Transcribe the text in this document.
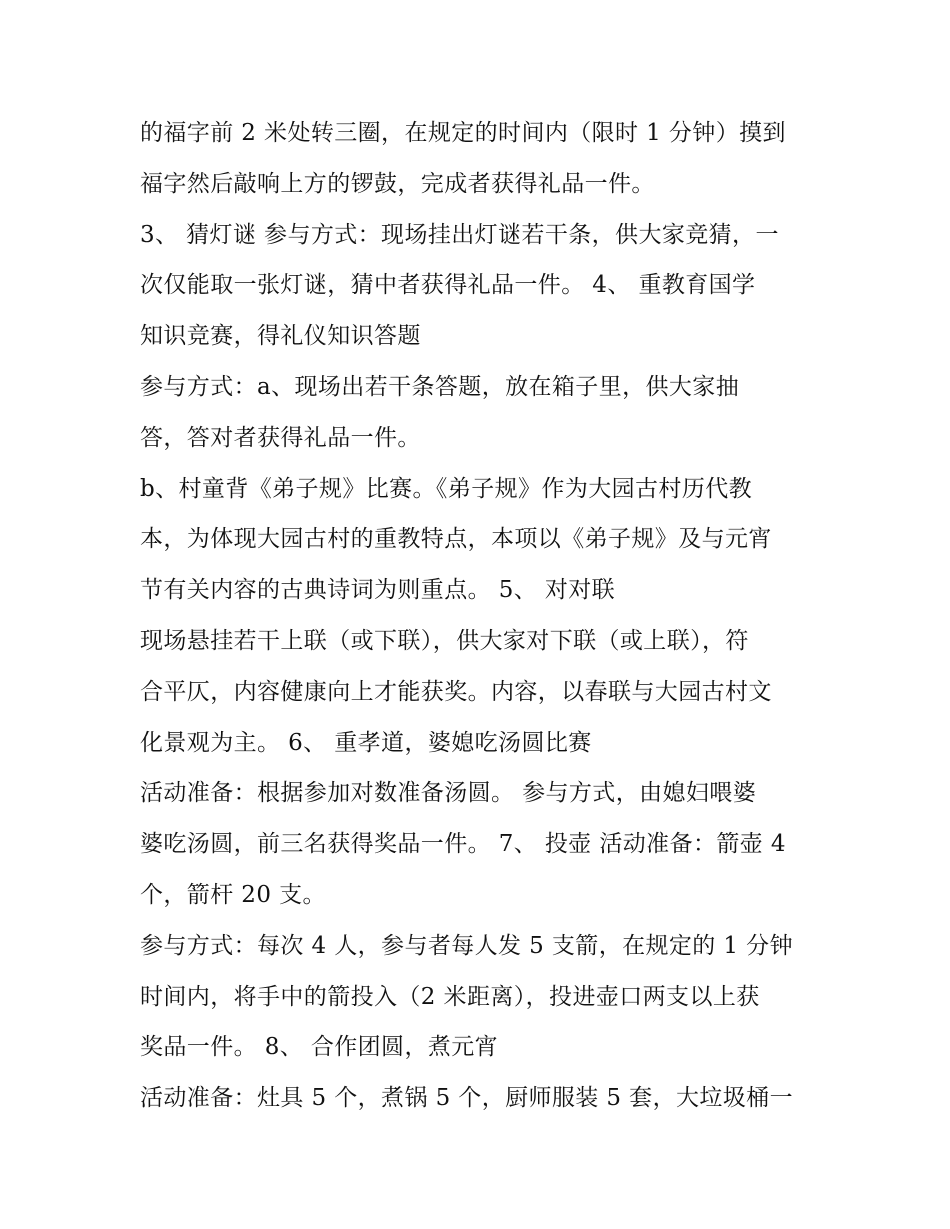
的福字前 2 米处转三圈，在规定的时间内（限时 1 分钟）摸到
福字然后敲响上方的锣鼓，完成者获得礼品一件。
3、 猜灯谜 参与方式：现场挂出灯谜若干条，供大家竞猜，一
次仅能取一张灯谜，猜中者获得礼品一件。 4、 重教育国学
知识竞赛，得礼仪知识答题
参与方式：a、现场出若干条答题，放在箱子里，供大家抽
答，答对者获得礼品一件。
b、村童背《弟子规》比赛。《弟子规》作为大园古村历代教
本，为体现大园古村的重教特点，本项以《弟子规》及与元宵
节有关内容的古典诗词为则重点。 5、 对对联
现场悬挂若干上联（或下联），供大家对下联（或上联），符
合平仄，内容健康向上才能获奖。内容，以春联与大园古村文
化景观为主。 6、 重孝道，婆媳吃汤圆比赛
活动准备：根据参加对数准备汤圆。 参与方式，由媳妇喂婆
婆吃汤圆，前三名获得奖品一件。 7、 投壶 活动准备：箭壶 4
个，箭杆 20 支。
参与方式：每次 4 人，参与者每人发 5 支箭，在规定的 1 分钟
时间内，将手中的箭投入（2 米距离），投进壶口两支以上获
奖品一件。 8、 合作团圆，煮元宵
活动准备：灶具 5 个，煮锅 5 个，厨师服装 5 套，大垃圾桶一
